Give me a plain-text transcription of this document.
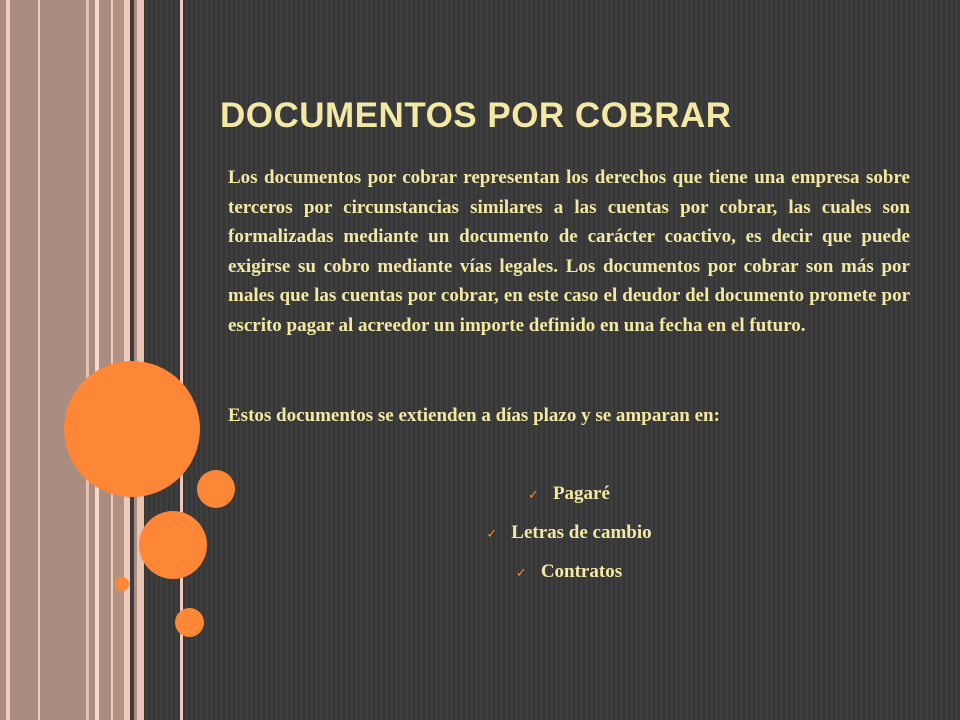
DOCUMENTOS POR COBRAR

Los documentos por cobrar representan los derechos que tiene una empresa sobre terceros por circunstancias similares a las cuentas por cobrar, las cuales son formalizadas mediante un documento de carácter coactivo, es decir que puede exigirse su cobro mediante vías legales. Los documentos por cobrar son más por males que las cuentas por cobrar, en este caso el deudor del documento promete por escrito pagar al acreedor un importe definido en una fecha en el futuro.

Estos documentos se extienden a días plazo y se amparan en:

✓ Pagaré
✓ Letras de cambio
✓ Contratos
